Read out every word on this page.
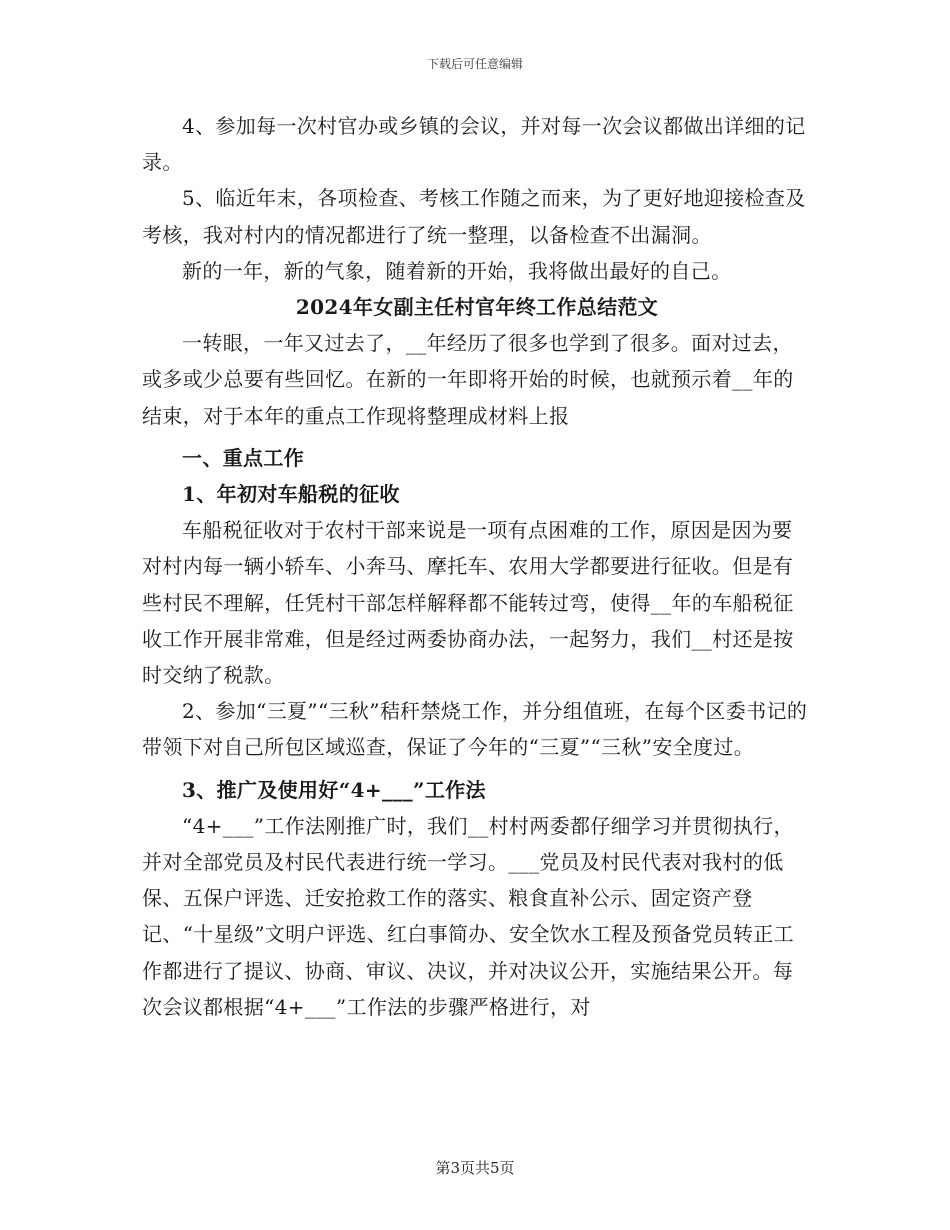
下载后可任意编辑

4、参加每一次村官办或乡镇的会议，并对每一次会议都做出详细的记录。

5、临近年末，各项检查、考核工作随之而来，为了更好地迎接检查及考核，我对村内的情况都进行了统一整理，以备检查不出漏洞。

新的一年，新的气象，随着新的开始，我将做出最好的自己。

2024年女副主任村官年终工作总结范文

一转眼，一年又过去了，__年经历了很多也学到了很多。面对过去，或多或少总要有些回忆。在新的一年即将开始的时候，也就预示着__年的结束，对于本年的重点工作现将整理成材料上报

一、重点工作

1、年初对车船税的征收

车船税征收对于农村干部来说是一项有点困难的工作，原因是因为要对村内每一辆小轿车、小奔马、摩托车、农用大学都要进行征收。但是有些村民不理解，任凭村干部怎样解释都不能转过弯，使得__年的车船税征收工作开展非常难，但是经过两委协商办法，一起努力，我们__村还是按时交纳了税款。

2、参加“三夏”“三秋”秸秆禁烧工作，并分组值班，在每个区委书记的带领下对自己所包区域巡查，保证了今年的“三夏”“三秋”安全度过。

3、推广及使用好“4+___”工作法

“4+___”工作法刚推广时，我们__村村两委都仔细学习并贯彻执行，并对全部党员及村民代表进行统一学习。___党员及村民代表对我村的低保、五保户评选、迁安抢救工作的落实、粮食直补公示、固定资产登记、“十星级”文明户评选、红白事简办、安全饮水工程及预备党员转正工作都进行了提议、协商、审议、决议，并对决议公开，实施结果公开。每次会议都根据“4+___”工作法的步骤严格进行，对

第3页共5页
